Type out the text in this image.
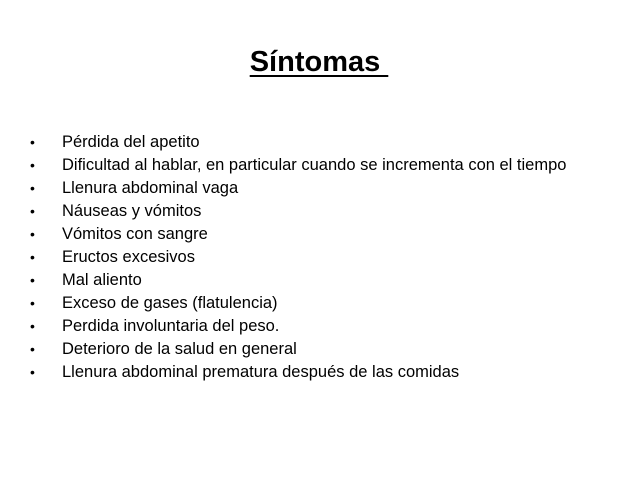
Síntomas
•	Pérdida del apetito
•	Dificultad al hablar, en particular cuando se incrementa con el tiempo
•	Llenura abdominal vaga
•	Náuseas y vómitos
•	Vómitos con sangre
•	Eructos excesivos
•	Mal aliento
•	Exceso de gases (flatulencia)
•	Perdida involuntaria del peso.
•	Deterioro de la salud en general
•	Llenura abdominal prematura después de las comidas
